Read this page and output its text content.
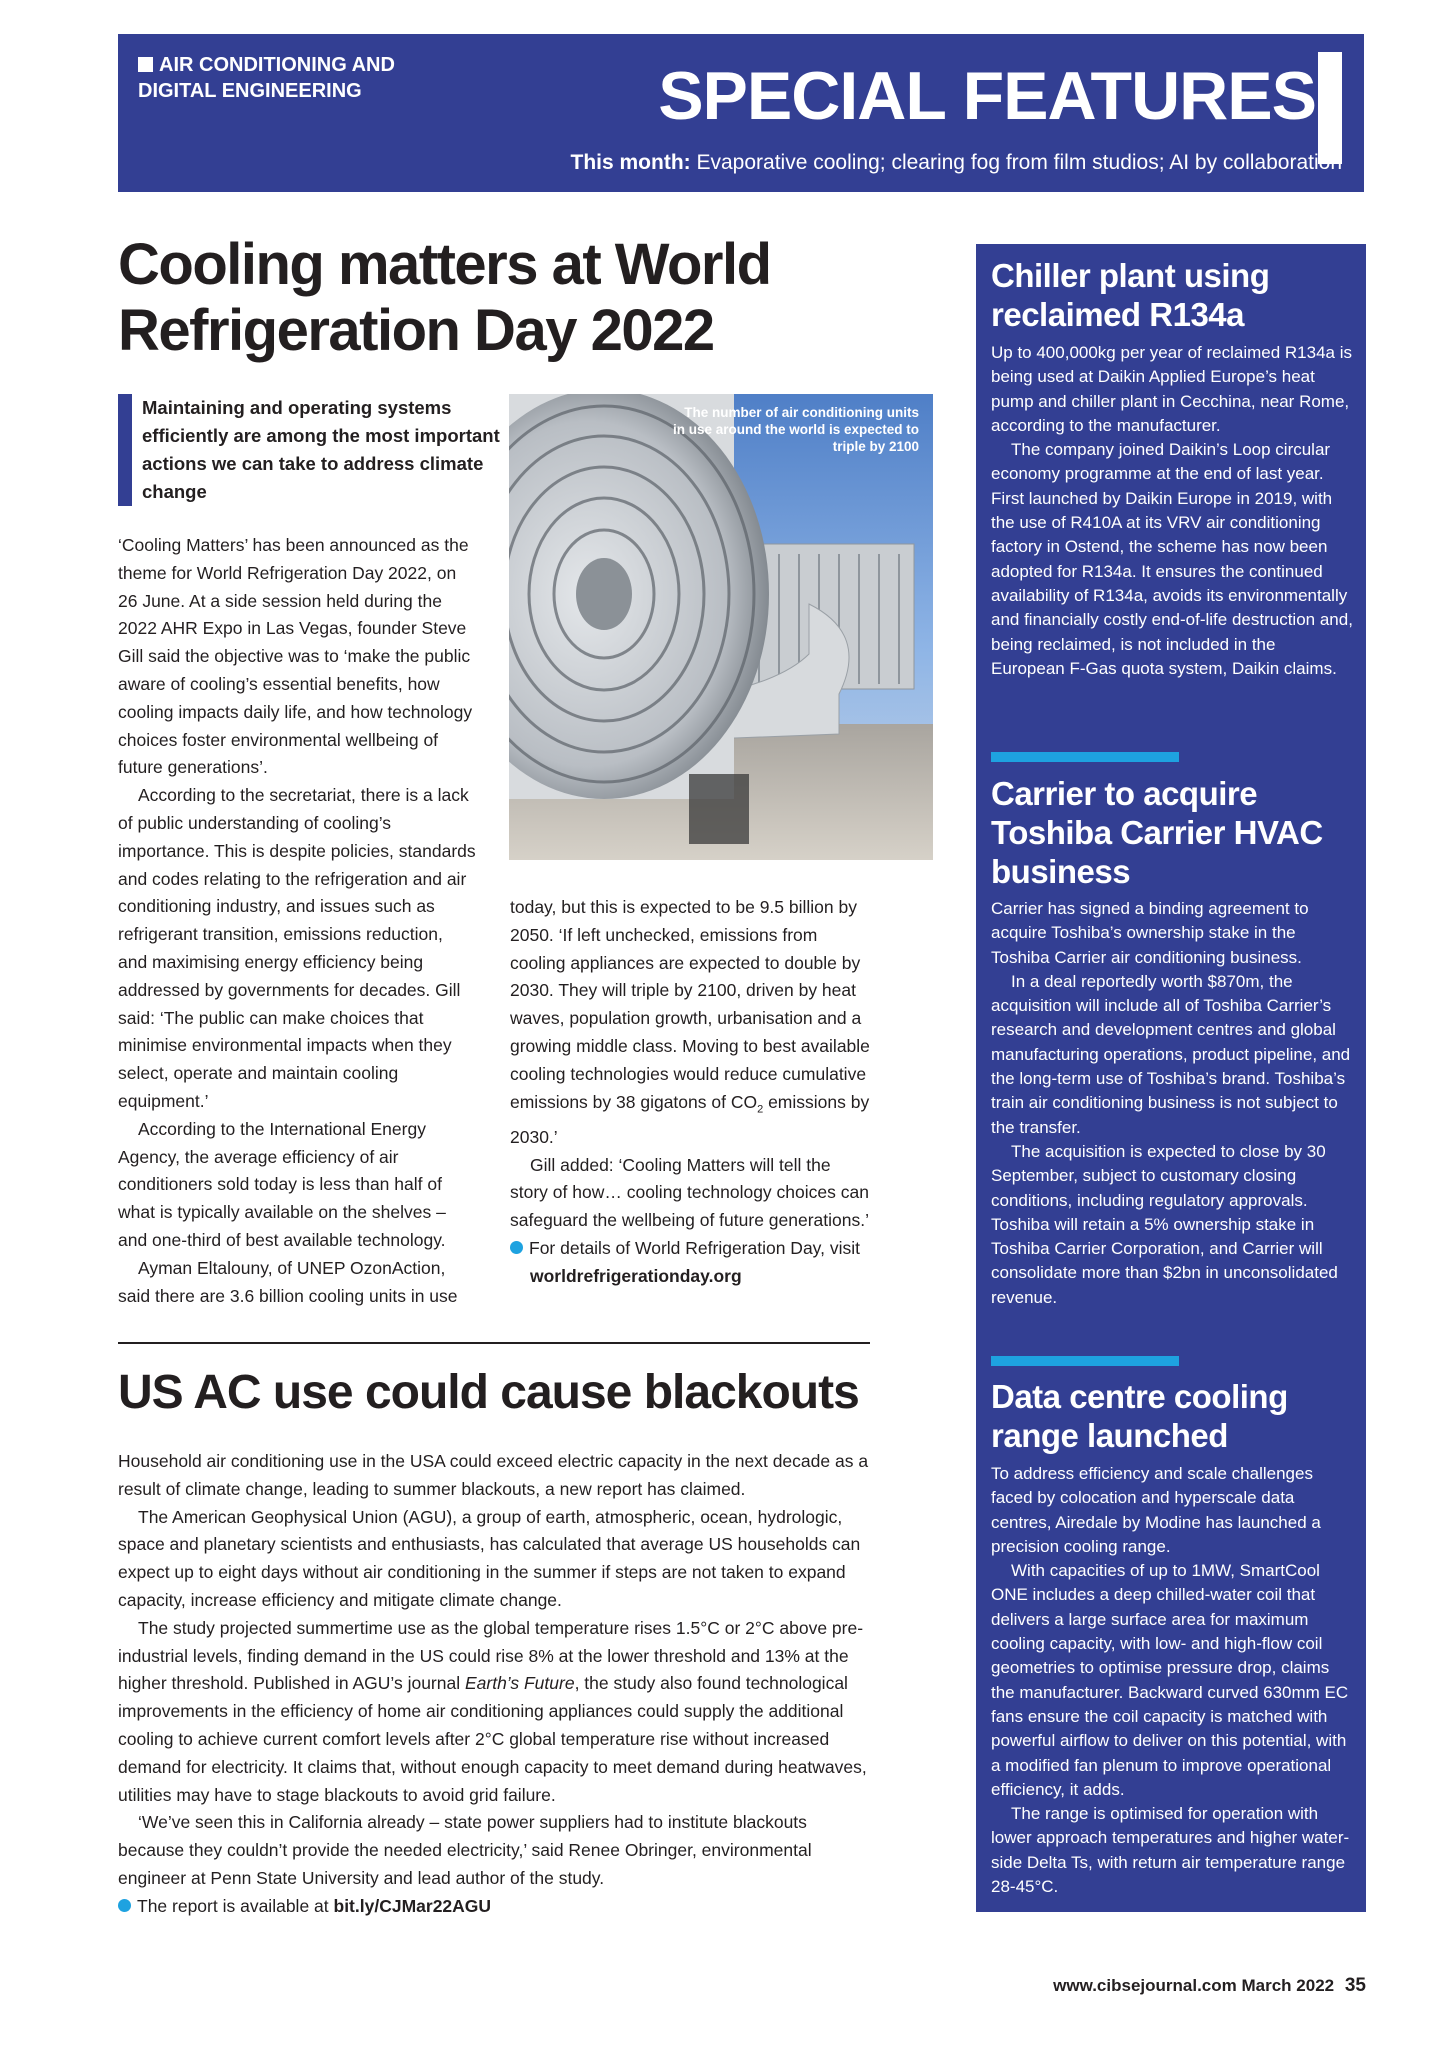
AIR CONDITIONING AND DIGITAL ENGINEERING	SPECIAL FEATURES
This month: Evaporative cooling; clearing fog from film studios; AI by collaboration
Cooling matters at World Refrigeration Day 2022
Maintaining and operating systems efficiently are among the most important actions we can take to address climate change
The number of air conditioning units in use around the world is expected to triple by 2100

‘Cooling Matters’ has been announced as the theme for World Refrigeration Day 2022, on 26 June. At a side session held during the 2022 AHR Expo in Las Vegas, founder Steve Gill said the objective was to ‘make the public aware of cooling’s essential benefits, how cooling impacts daily life, and how technology choices foster environmental wellbeing of future generations’.

According to the secretariat, there is a lack of public understanding of cooling’s importance. This is despite policies, standards and codes relating to the refrigeration and air conditioning industry, and issues such as refrigerant transition, emissions reduction, and maximising energy efficiency being addressed by governments for decades. Gill said: ‘The public can make choices that minimise environmental impacts when they select, operate and maintain cooling equipment.’

According to the International Energy Agency, the average efficiency of air conditioners sold today is less than half of what is typically available on the shelves – and one-third of best available technology.

Ayman Eltalouny, of UNEP OzonAction, said there are 3.6 billion cooling units in use

today, but this is expected to be 9.5 billion by 2050. ‘If left unchecked, emissions from cooling appliances are expected to double by 2030. They will triple by 2100, driven by heat waves, population growth, urbanisation and a growing middle class. Moving to best available cooling technologies would reduce cumulative emissions by 38 gigatons of $CO_2$ emissions by 2030.’

Gill added: ‘Cooling Matters will tell the story of how… cooling technology choices can safeguard the wellbeing of future generations.’

For details of World Refrigeration Day, visit worldrefrigerationday.org

US AC use could cause blackouts

Household air conditioning use in the USA could exceed electric capacity in the next decade as a result of climate change, leading to summer blackouts, a new report has claimed.

The American Geophysical Union (AGU), a group of earth, atmospheric, ocean, hydrologic, space and planetary scientists and enthusiasts, has calculated that average US households can expect up to eight days without air conditioning in the summer if steps are not taken to expand capacity, increase efficiency and mitigate climate change.

The study projected summertime use as the global temperature rises 1.5°C or 2°C above pre-industrial levels, finding demand in the US could rise 8% at the lower threshold and 13% at the higher threshold. Published in AGU’s journal Earth’s Future, the study also found technological improvements in the efficiency of home air conditioning appliances could supply the additional cooling to achieve current comfort levels after 2°C global temperature rise without increased demand for electricity. It claims that, without enough capacity to meet demand during heatwaves, utilities may have to stage blackouts to avoid grid failure.

‘We’ve seen this in California already – state power suppliers had to institute blackouts because they couldn’t provide the needed electricity,’ said Renee Obringer, environmental engineer at Penn State University and lead author of the study.

The report is available at bit.ly/CJMar22AGU

Chiller plant using reclaimed R134a

Up to 400,000kg per year of reclaimed R134a is being used at Daikin Applied Europe’s heat pump and chiller plant in Cecchina, near Rome, according to the manufacturer.

The company joined Daikin’s Loop circular economy programme at the end of last year. First launched by Daikin Europe in 2019, with the use of R410A at its VRV air conditioning factory in Ostend, the scheme has now been adopted for R134a. It ensures the continued availability of R134a, avoids its environmentally and financially costly end-of-life destruction and, being reclaimed, is not included in the European F-Gas quota system, Daikin claims.

Carrier to acquire Toshiba Carrier HVAC business

Carrier has signed a binding agreement to acquire Toshiba’s ownership stake in the Toshiba Carrier air conditioning business.

In a deal reportedly worth $870m, the acquisition will include all of Toshiba Carrier’s research and development centres and global manufacturing operations, product pipeline, and the long-term use of Toshiba’s brand. Toshiba’s train air conditioning business is not subject to the transfer.

The acquisition is expected to close by 30 September, subject to customary closing conditions, including regulatory approvals. Toshiba will retain a 5% ownership stake in Toshiba Carrier Corporation, and Carrier will consolidate more than $2bn in unconsolidated revenue.

Data centre cooling range launched

To address efficiency and scale challenges faced by colocation and hyperscale data centres, Airedale by Modine has launched a precision cooling range.

With capacities of up to 1MW, SmartCool ONE includes a deep chilled-water coil that delivers a large surface area for maximum cooling capacity, with low- and high-flow coil geometries to optimise pressure drop, claims the manufacturer. Backward curved 630mm EC fans ensure the coil capacity is matched with powerful airflow to deliver on this potential, with a modified fan plenum to improve operational efficiency, it adds.

The range is optimised for operation with lower approach temperatures and higher water-side Delta Ts, with return air temperature range 28-45°C.

www.cibsejournal.com March 2022 35
